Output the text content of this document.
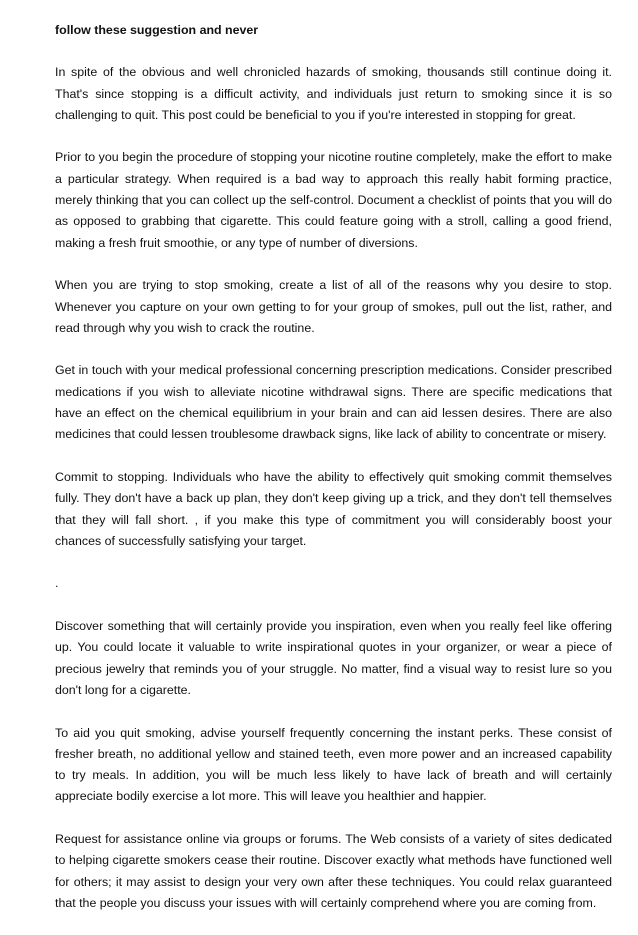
follow these suggestion and never

In spite of the obvious and well chronicled hazards of smoking, thousands still continue doing it. That's since stopping is a difficult activity, and individuals just return to smoking since it is so challenging to quit. This post could be beneficial to you if you're interested in stopping for great.

Prior to you begin the procedure of stopping your nicotine routine completely, make the effort to make a particular strategy. When required is a bad way to approach this really habit forming practice, merely thinking that you can collect up the self-control. Document a checklist of points that you will do as opposed to grabbing that cigarette. This could feature going with a stroll, calling a good friend, making a fresh fruit smoothie, or any type of number of diversions.

When you are trying to stop smoking, create a list of all of the reasons why you desire to stop. Whenever you capture on your own getting to for your group of smokes, pull out the list, rather, and read through why you wish to crack the routine.

Get in touch with your medical professional concerning prescription medications. Consider prescribed medications if you wish to alleviate nicotine withdrawal signs. There are specific medications that have an effect on the chemical equilibrium in your brain and can aid lessen desires. There are also medicines that could lessen troublesome drawback signs, like lack of ability to concentrate or misery.

Commit to stopping. Individuals who have the ability to effectively quit smoking commit themselves fully. They don't have a back up plan, they don't keep giving up a trick, and they don't tell themselves that they will fall short. , if you make this type of commitment you will considerably boost your chances of successfully satisfying your target.

.

Discover something that will certainly provide you inspiration, even when you really feel like offering up. You could locate it valuable to write inspirational quotes in your organizer, or wear a piece of precious jewelry that reminds you of your struggle. No matter, find a visual way to resist lure so you don't long for a cigarette.

To aid you quit smoking, advise yourself frequently concerning the instant perks. These consist of fresher breath, no additional yellow and stained teeth, even more power and an increased capability to try meals. In addition, you will be much less likely to have lack of breath and will certainly appreciate bodily exercise a lot more. This will leave you healthier and happier.

Request for assistance online via groups or forums. The Web consists of a variety of sites dedicated to helping cigarette smokers cease their routine. Discover exactly what methods have functioned well for others; it may assist to design your very own after these techniques. You could relax guaranteed that the people you discuss your issues with will certainly comprehend where you are coming from.
